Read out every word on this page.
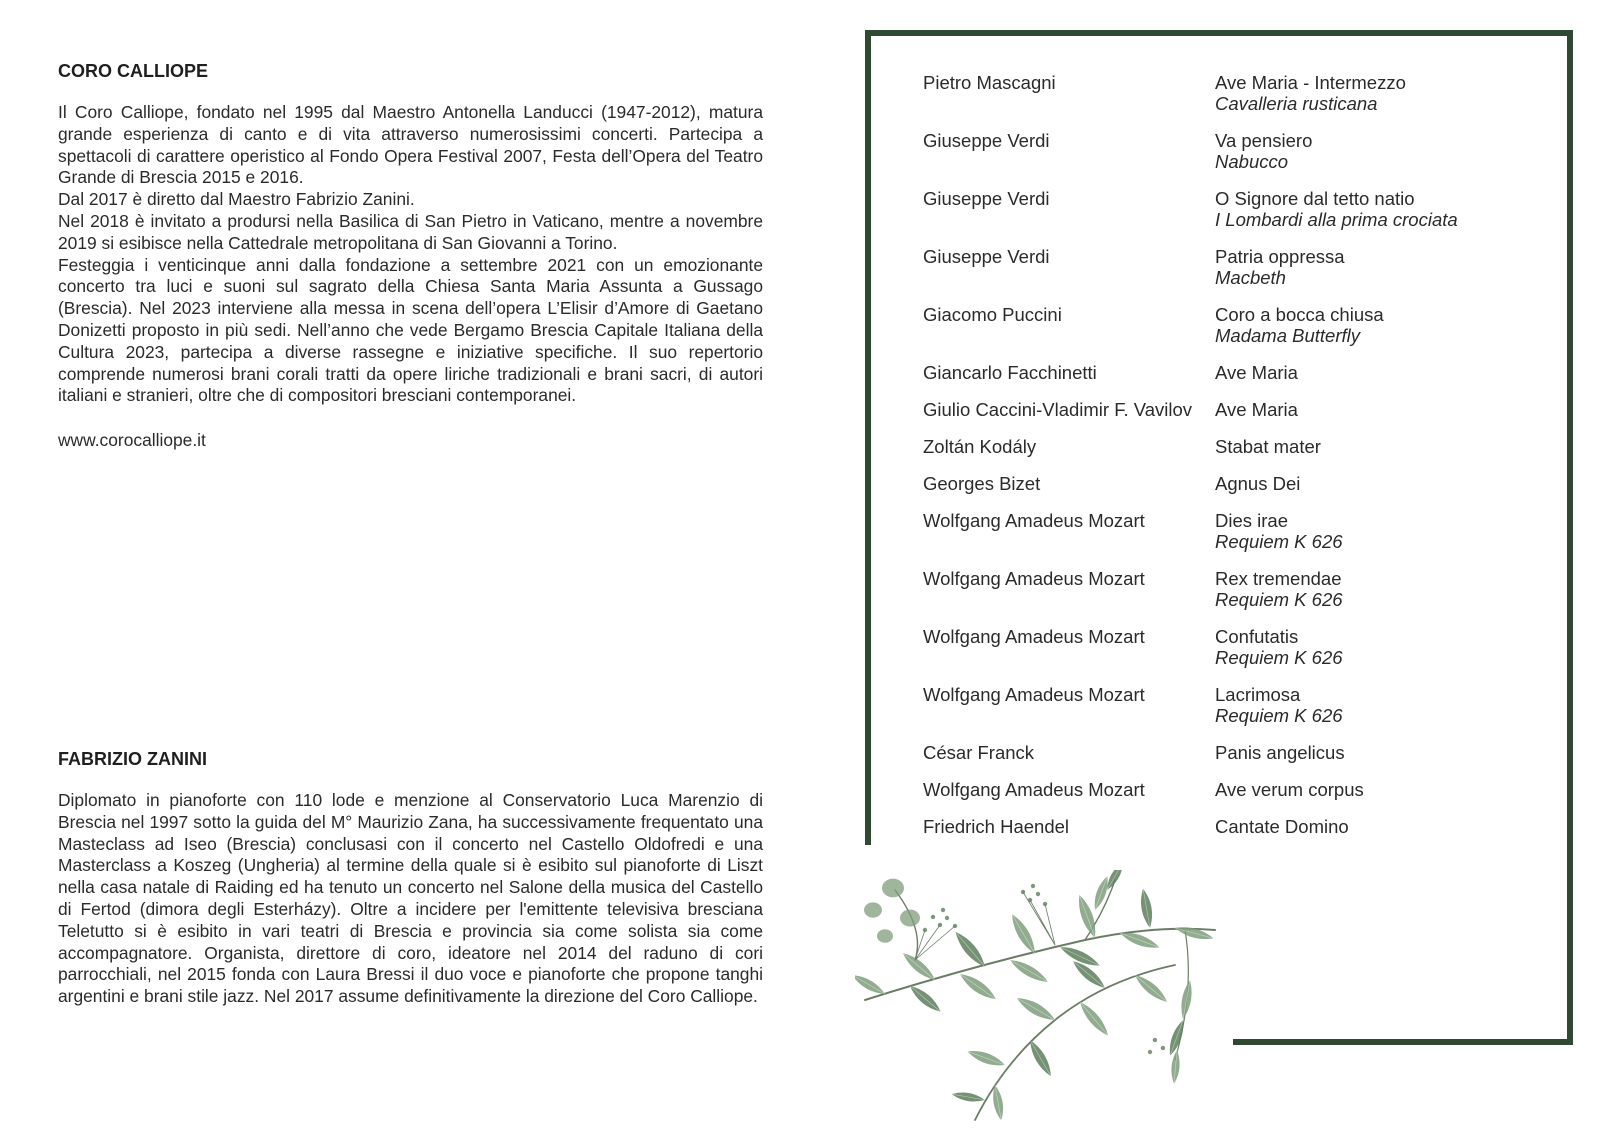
CORO CALLIOPE

Il Coro Calliope, fondato nel 1995 dal Maestro Antonella Landucci (1947-2012), matura grande esperienza di canto e di vita attraverso numerosissimi concerti. Partecipa a spettacoli di carattere operistico al Fondo Opera Festival 2007, Festa dell’Opera del Teatro Grande di Brescia 2015 e 2016.
Dal 2017 è diretto dal Maestro Fabrizio Zanini.
Nel 2018 è invitato a prodursi nella Basilica di San Pietro in Vaticano, mentre a novembre 2019 si esibisce nella Cattedrale metropolitana di San Giovanni a Torino.
Festeggia i venticinque anni dalla fondazione a settembre 2021 con un emozionante concerto tra luci e suoni sul sagrato della Chiesa Santa Maria Assunta a Gussago (Brescia). Nel 2023 interviene alla messa in scena dell’opera L’Elisir d’Amore di Gaetano Donizetti proposto in più sedi. Nell’anno che vede Bergamo Brescia Capitale Italiana della Cultura 2023, partecipa a diverse rassegne e iniziative specifiche. Il suo repertorio comprende numerosi brani corali tratti da opere liriche tradizionali e brani sacri, di autori italiani e stranieri, oltre che di compositori bresciani contemporanei.

www.corocalliope.it
FABRIZIO ZANINI

Diplomato in pianoforte con 110 lode e menzione al Conservatorio Luca Marenzio di Brescia nel 1997 sotto la guida del M° Maurizio Zana, ha successivamente frequentato una Masteclass ad Iseo (Brescia) conclusasi con il concerto nel Castello Oldofredi e una Masterclass a Koszeg (Ungheria) al termine della quale si è esibito sul pianoforte di Liszt nella casa natale di Raiding ed ha tenuto un concerto nel Salone della musica del Castello di Fertod (dimora degli Esterházy). Oltre a incidere per l'emittente televisiva bresciana Teletutto si è esibito in vari teatri di Brescia e provincia sia come solista sia come accompagnatore. Organista, direttore di coro, ideatore nel 2014 del raduno di cori parrocchiali, nel 2015 fonda con Laura Bressi il duo voce e pianoforte che propone tanghi argentini e brani stile jazz. Nel 2017 assume definitivamente la direzione del Coro Calliope.

Pietro Mascagni	Ave Maria - Intermezzo
Cavalleria rusticana
Giuseppe Verdi	Va pensiero
Nabucco
Giuseppe Verdi	O Signore dal tetto natio
I Lombardi alla prima crociata
Giuseppe Verdi	Patria oppressa
Macbeth
Giacomo Puccini	Coro a bocca chiusa
Madama Butterfly
Giancarlo Facchinetti	Ave Maria
Giulio Caccini-Vladimir F. Vavilov	Ave Maria
Zoltán Kodály	Stabat mater
Georges Bizet	Agnus Dei
Wolfgang Amadeus Mozart	Dies irae
Requiem K 626
Wolfgang Amadeus Mozart	Rex tremendae
Requiem K 626
Wolfgang Amadeus Mozart	Confutatis
Requiem K 626
Wolfgang Amadeus Mozart	Lacrimosa
Requiem K 626
César Franck	Panis angelicus
Wolfgang Amadeus Mozart	Ave verum corpus
Friedrich Haendel	Cantate Domino
